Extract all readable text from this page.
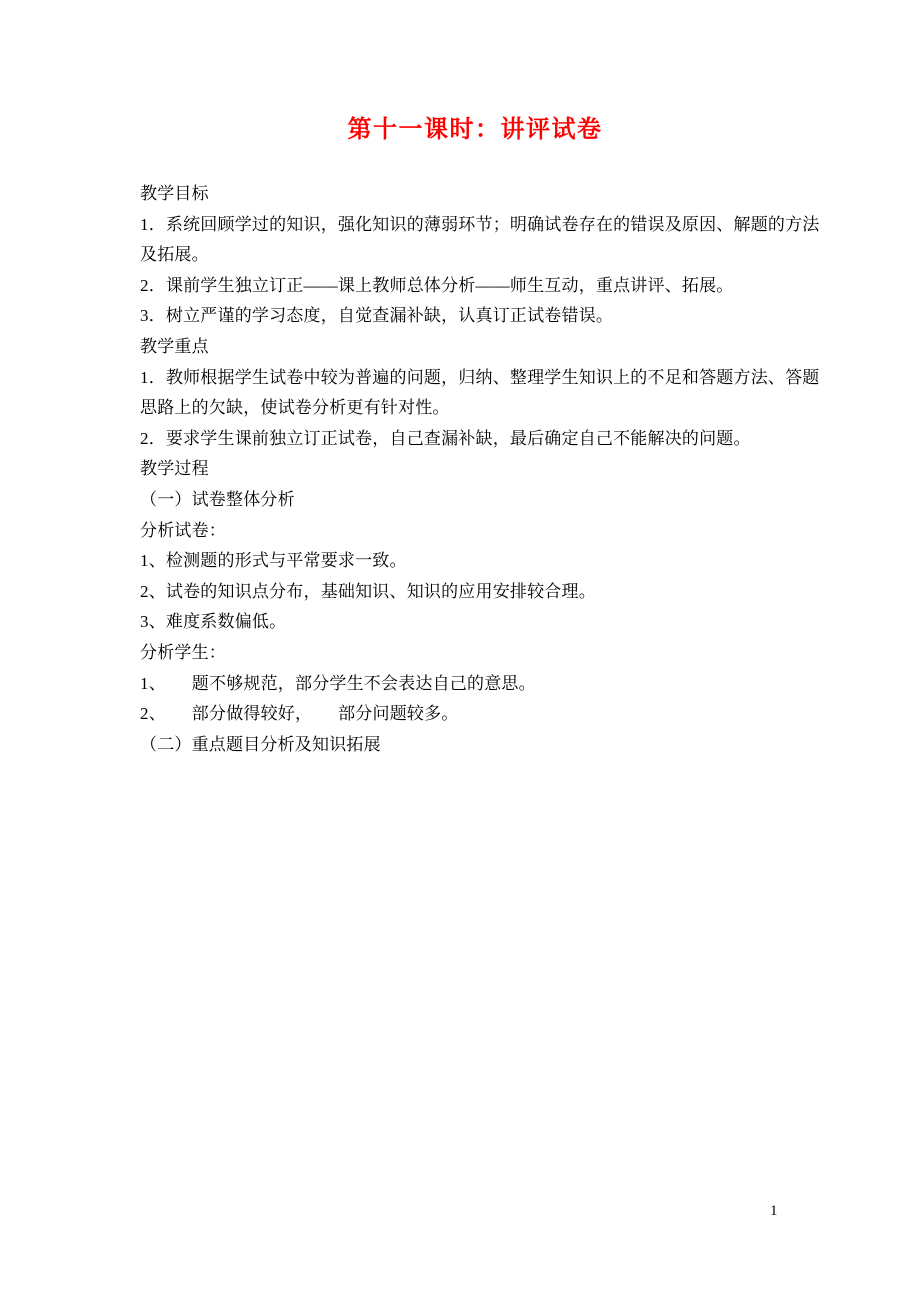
第十一课时：讲评试卷

教学目标

1．系统回顾学过的知识，强化知识的薄弱环节；明确试卷存在的错误及原因、解题的方法

及拓展。

2．课前学生独立订正——课上教师总体分析——师生互动，重点讲评、拓展。

3．树立严谨的学习态度，自觉查漏补缺，认真订正试卷错误。

教学重点

1．教师根据学生试卷中较为普遍的问题，归纳、整理学生知识上的不足和答题方法、答题

思路上的欠缺，使试卷分析更有针对性。

2．要求学生课前独立订正试卷，自己查漏补缺，最后确定自己不能解决的问题。

教学过程

（一）试卷整体分析

分析试卷：

1、检测题的形式与平常要求一致。

2、试卷的知识点分布，基础知识、知识的应用安排较合理。

3、难度系数偏低。

分析学生：

1、　　题不够规范，部分学生不会表达自己的意思。

2、　　部分做得较好，　　部分问题较多。

（二）重点题目分析及知识拓展

1
